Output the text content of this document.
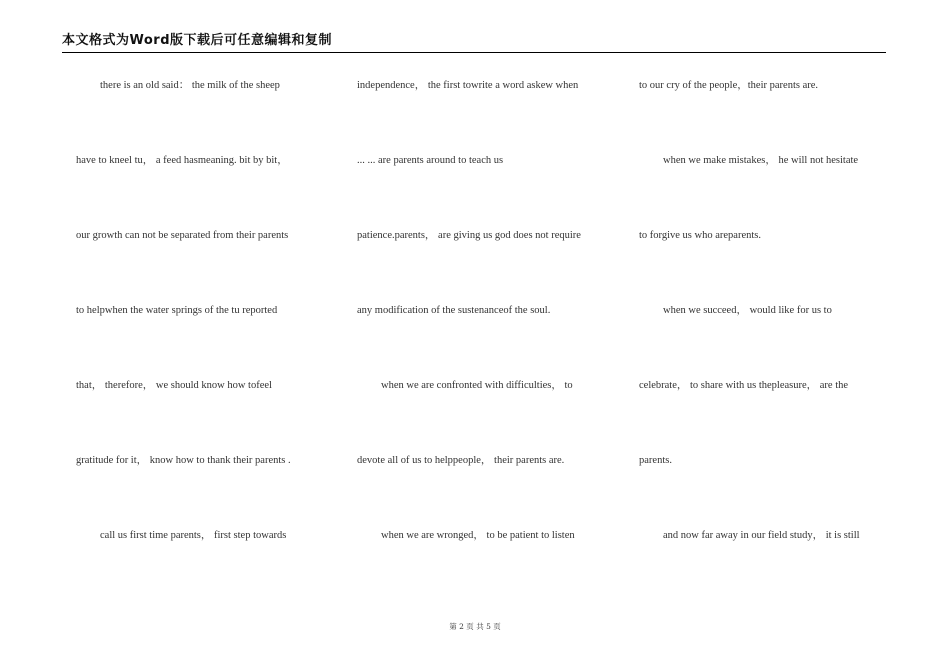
本文格式为Word版下载后可任意编辑和复制
there is an old said： the milk of the sheep
have to kneel tu， a feed hasmeaning. bit by bit，
our growth can not be separated from their parents
to helpwhen the water springs of the tu reported
that， therefore， we should know how tofeel
gratitude for it， know how to thank their parents .
call us first time parents， first step towards
independence， the first towrite a word askew when
... ... are parents around to teach us
patience.parents， are giving us god does not require
any modification of the sustenanceof the soul.
when we are confronted with difficulties， to
devote all of us to helppeople， their parents are.
when we are wronged， to be patient to listen
to our cry of the people，their parents are.
when we make mistakes， he will not hesitate
to forgive us who areparents.
when we succeed， would like for us to
celebrate， to share with us thepleasure， are the
parents.
and now far away in our field study， it is still
第 2 页 共 5 页
